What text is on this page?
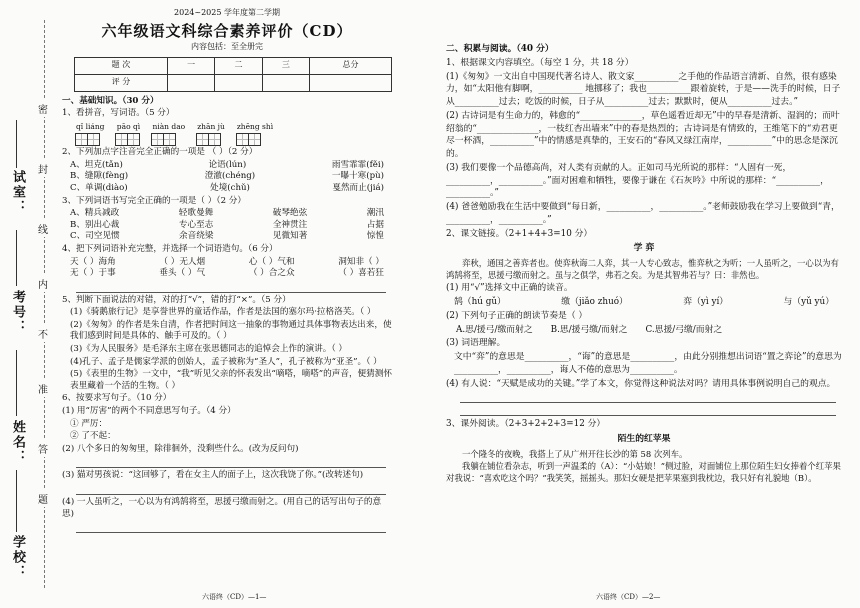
密
封
线
内
不
准
答
题
试室：
考号：
姓名：
学校：
2024~2025 学年度第二学期
六年级语文科综合素养评价（CD）
内容包括：至全册完
题 次	一	二	三	总分
评 分				
一、基础知识。（30 分）
1、看拼音，写词语。（5 分）
qǐ liáng pāo qì niàn dao zhān jù zhēng shì
2、下列加点字注音完全正确的一项是 （ ）（2 分）
A、坦克(tǎn)	论语(lún)	雨雪霏霏(fěi)
B、缝隙(fèng)	澄澈(chéng)	一曝十寒(pù)
C、单调(diào)	处境(chǔ)	戛然而止(jiá)
3、下列词语书写完全正确的一项是（ ）（2 分）
A、精兵减政	轻歌曼舞	破琴绝弦	潮汛
B、别出心裁	专心至志	全神贯注	占据
C、司空见惯	余音绕梁	见微知著	惊惶
4、把下列词语补充完整，并选择一个词语造句。（6 分）
天（ ）海角	（ ）无人烟	心（ ）气和	洞知非（ ）
无（ ）于事	垂头（ ）气	（ ）合之众	（ ）喜若狂
5、判断下面说法的对错，对的打“√”，错的打“×”。（5 分）
(1)《骑鹅旅行记》是享誉世界的童话作品，作者是法国的塞尔玛·拉格洛芙。（ ）
(2)《匆匆》的作者是朱自清，作者把时间这一抽象的事物通过具体事物表达出来，使我们感到时间是具体的、触手可及的。（ ）
(3)《为人民服务》是毛泽东主席在张思德同志的追悼会上作的演讲。（ ）
(4)孔子、孟子是儒家学派的创始人，孟子被称为“圣人”，孔子被称为“亚圣”。（ ）
(5)《表里的生物》一文中，“我”听见父亲的怀表发出“嘀嗒，嘀嗒”的声音，便猜测怀表里藏着一个活的生物。（ ）
6、按要求写句子。（10 分）
(1) 用“厉害”的两个不同意思写句子。（4 分）
① 严厉：
② 了不起：
(2) 八个多日的匆匆里，除徘徊外，没剩些什么。(改为反问句)
(3) 猫对男孩说：“这回够了，看在女主人的面子上，这次我饶了你。”(改转述句)
(4) 一人虽听之，一心以为有鸿鹄将至，思援弓缴而射之。(用自己的话写出句子的意思)
六语终（CD）—1—
二、积累与阅读。（40 分）
1、根据课文内容填空。（每空 1 分，共 18 分）
(1)《匆匆》一文出自中国现代著名诗人、散文家__________之手他的作品语言清新、自然，很有感染力，如“太阳他有脚啊，__________ 地挪移了；我也__________跟着旋转，于是——洗手的时候，日子从__________过去；吃饭的时候，日子从__________过去；默默时，便从__________过去。”
(2) 古诗词是有生命力的，韩愈的“______________，草色遥看近却无”中的早春是清新、湿润的；而叶绍翁的“______________，一枝红杏出墙来”中的春是热烈的；古诗词是有情致的，王维笔下的“劝君更尽一杯酒，__________”中的情感是真挚的，王安石的“春风又绿江南岸，__________”中的思念是深沉的。
(3) 我们要像一个品德高尚，对人类有贡献的人。正如司马光所说的那样：“人固有一死，__________，__________。”面对困难和牺牲，要像于谦在《石灰吟》中所说的那样：“__________，__________。”
(4) 爸爸勉励我在生活中要做到“每日新，__________，__________。”老师鼓励我在学习上要做到“青，__________，__________。”
2、课文链接。（2+1+4+3=10 分）
学 弈
弈秋，通国之善弈者也。使弈秋诲二人弈，其一人专心致志，惟弈秋之为听；一人虽听之，一心以为有鸿鹄将至，思援弓缴而射之。虽与之俱学，弗若之矣。为是其智弗若与？曰：非然也。
(1) 用“√”选择文中正确的读音。
鹄（hú gǔ）	缴（jiǎo zhuó）	弈（yì yí）	与（yǔ yú）
(2) 下列句子正确的朗读节奏是（ ）
A.思/援弓/缴而射之 B.思/援弓缴/而射之 C.思援/弓缴/而射之
(3) 词语理解。
文中“弈”的意思是__________，“诲”的意思是__________，由此分别推想出词语“置之弈论”的意思为__________，__________，诲人不倦的意思为__________。
(4) 有人说：“天赋是成功的关键。”学了本文，你觉得这种说法对吗？请用具体事例说明自己的观点。
3、课外阅读。（2+3+2+2+3=12 分）
陌生的红苹果
一个隆冬的夜晚，我搭上了从广州开往长沙的第 58 次列车。
我躺在铺位看杂志，听到一声温柔的（A）：“小姑娘！”侧过脸，对面铺位上那位陌生妇女捧着个红苹果对我说：“喜欢吃这个吗？”我笑笑，摇摇头。那妇女硬是把苹果塞到我枕边，我只好有礼貌地（B）。
六语终（CD）—2—
